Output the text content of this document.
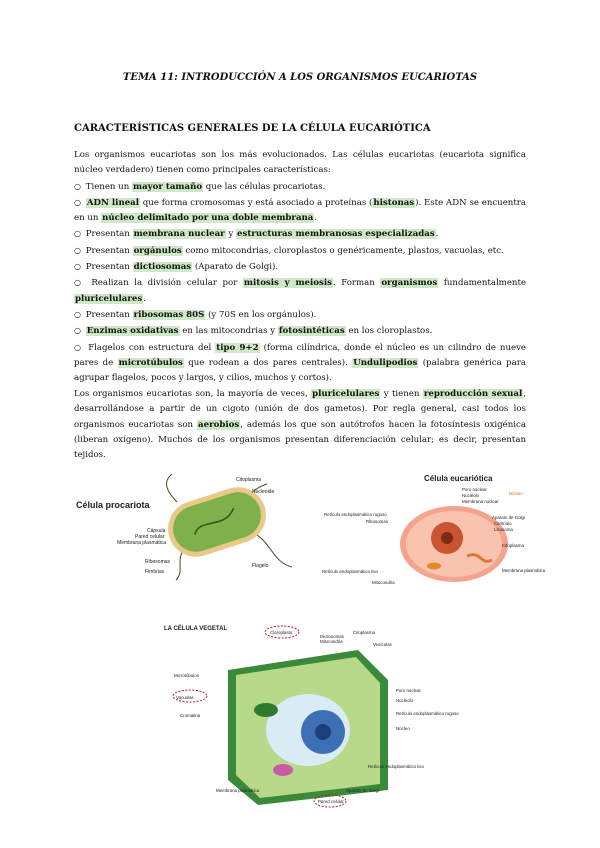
TEMA 11: INTRODUCCIÓN A LOS ORGANISMOS EUCARIOTAS
CARACTERÍSTICAS GENERALES DE LA CÉLULA EUCARIÓTICA
Los organismos eucariotas son los más evolucionados. Las células eucariotas (eucariota significa núcleo verdadero) tienen como principales características:
○ Tienen un mayor tamaño que las células procariotas.
○ ADN lineal que forma cromosomas y está asociado a proteínas (histonas). Este ADN se encuentra en un núcleo delimitado por una doble membrana.
○ Presentan membrana nuclear y estructuras membranosas especializadas.
○ Presentan orgánulos como mitocondrias, cloroplastos o genéricamente, plastos, vacuolas, etc.
○ Presentan dictiosomas (Aparato de Golgi).
○ Realizan la división celular por mitosis y meiosis. Forman organismos fundamentalmente pluricelulares.
○ Presentan ribosomas 80S (y 70S en los orgánulos).
○ Enzimas oxidativas en las mitocondrias y fotosintéticas en los cloroplastos.
○ Flagelos con estructura del tipo 9+2 (forma cilíndrica, donde el núcleo es un cilindro de nueve pares de microtúbulos que rodean a dos pares centrales). Undulipodios (palabra genérica para agrupar flagelos, pocos y largos, y cilios, muchos y cortos).
Los organismos eucariotas son, la mayoría de veces, pluricelulares y tienen reproducción sexual, desarrollándose a partir de un cigoto (unión de dos gametos). Por regla general, casi todos los organismos eucariotas son aerobios, además los que son autótrofos hacen la fotosíntesis oxigénica (liberan oxígeno). Muchos de los organismos presentan diferenciación celular; es decir, presentan tejidos.
Célula procariota
Citoplasma
Nucleoide
Cápsula
Pared celular
Membrana plasmática
Ribosomas
Fimbrias
Flagelo
Célula eucariótica
Poro nuclear
Nucléolo
Membrana nuclear
Núcleo
Retículo endoplasmático rugoso
Ribosomas
Aparato de Golgi
Centriolo
Lisosoma
Citoplasma
Retículo endoplasmático liso
Mitocondria
Membrana plasmática
LA CÉLULA VEGETAL
Cloroplasto
Dictiosomas
Mitocondria
Citoplasma
Vesículas
Microtúbulos
Vacuolas
Cromatina
Poro nuclear
Nucléolo
Retículo endoplasmático rugoso
Núcleo
Retículo endoplasmático liso
Membrana plasmática	Aparato de Golgi
Pared celular
